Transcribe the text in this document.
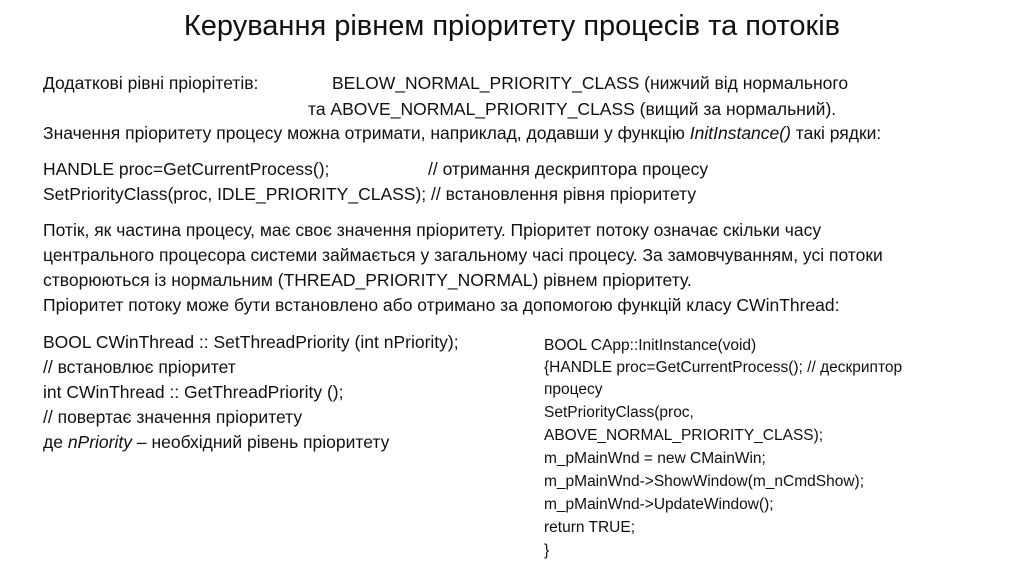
Керування рівнем пріоритету процесів та потоків
Додаткові рівні пріорітетів:	BELOW_NORMAL_PRIORITY_CLASS (нижчий від нормального
та ABOVE_NORMAL_PRIORITY_CLASS (вищий за нормальний).
Значення пріоритету процесу можна отримати, наприклад, додавши у функцію InitInstance() такі рядки:
HANDLE proc=GetCurrentProcess();	// отримання дескриптора процесу
SetPriorityClass(proc, IDLE_PRIORITY_CLASS); // встановлення рівня пріоритету
Потік, як частина процесу, має своє значення пріоритету. Пріоритет потоку означає скільки часу
центрального процесора системи займається у загальному часі процесу. За замовчуванням, усі потоки
створюються із нормальним (THREAD_PRIORITY_NORMAL) рівнем пріоритету.
Пріоритет потоку може бути встановлено або отримано за допомогою функцій класу CWinThread:
BOOL CWinThread :: SetThreadPriority (int nPriority);
// встановлює пріоритет
int CWinThread :: GetThreadPriority ();
// повертає значення пріоритету
де nPriority – необхідний рівень пріоритету
BOOL CApp::InitInstance(void)
{HANDLE proc=GetCurrentProcess(); // дескриптор
процесу
SetPriorityClass(proc,
ABOVE_NORMAL_PRIORITY_CLASS);
m_pMainWnd = new CMainWin;
m_pMainWnd->ShowWindow(m_nCmdShow);
m_pMainWnd->UpdateWindow();
return TRUE;
}
